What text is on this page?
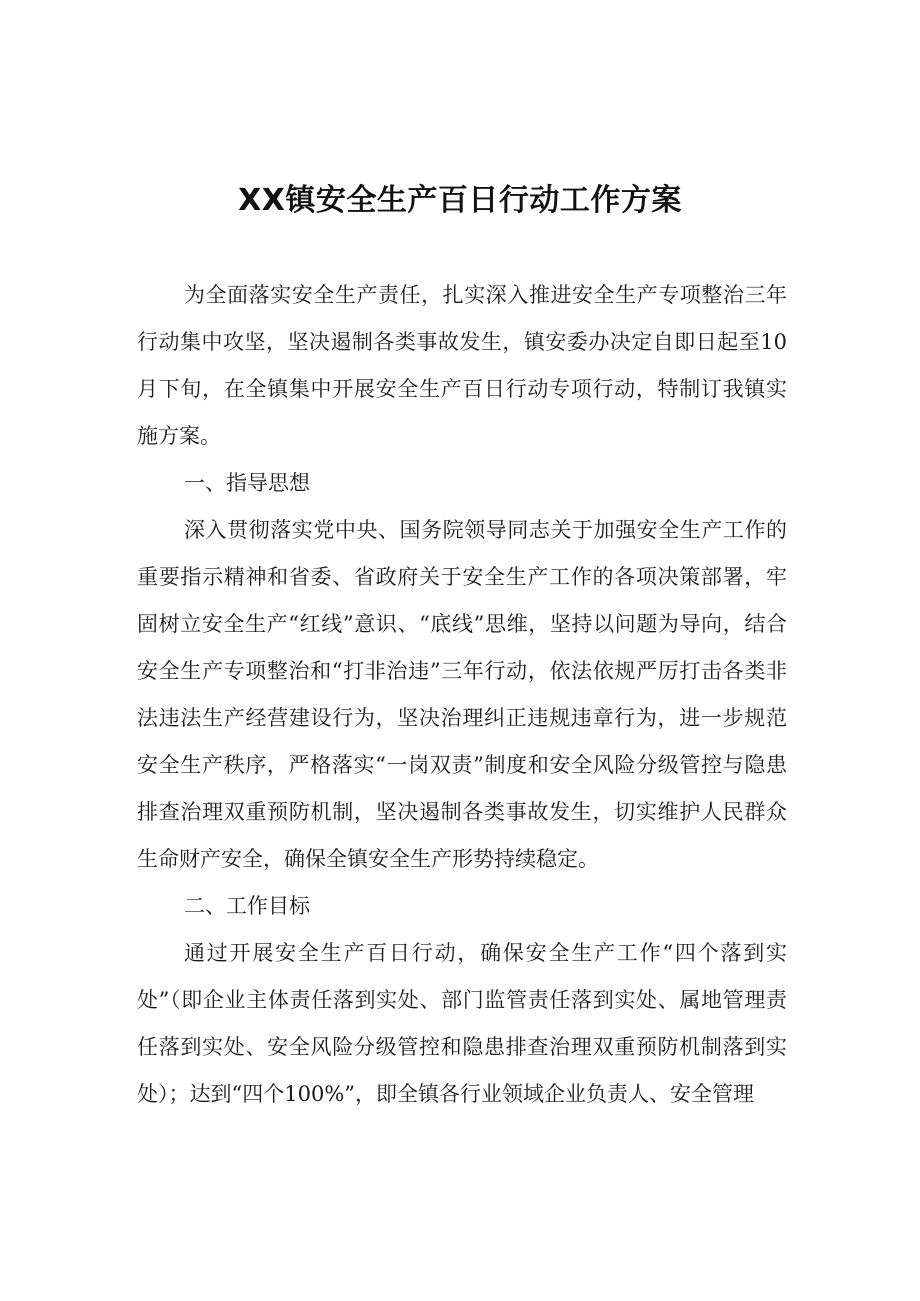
XX镇安全生产百日行动工作方案

为全面落实安全生产责任，扎实深入推进安全生产专项整治三年行动集中攻坚，坚决遏制各类事故发生，镇安委办决定自即日起至10月下旬，在全镇集中开展安全生产百日行动专项行动，特制订我镇实施方案。

一、指导思想

深入贯彻落实党中央、国务院领导同志关于加强安全生产工作的重要指示精神和省委、省政府关于安全生产工作的各项决策部署，牢固树立安全生产“红线”意识、“底线”思维，坚持以问题为导向，结合安全生产专项整治和“打非治违”三年行动，依法依规严厉打击各类非法违法生产经营建设行为，坚决治理纠正违规违章行为，进一步规范安全生产秩序，严格落实“一岗双责”制度和安全风险分级管控与隐患排查治理双重预防机制，坚决遏制各类事故发生，切实维护人民群众生命财产安全，确保全镇安全生产形势持续稳定。

二、工作目标

通过开展安全生产百日行动，确保安全生产工作“四个落到实处”（即企业主体责任落到实处、部门监管责任落到实处、属地管理责任落到实处、安全风险分级管控和隐患排查治理双重预防机制落到实处）；达到“四个100%”，即全镇各行业领域企业负责人、安全管理
